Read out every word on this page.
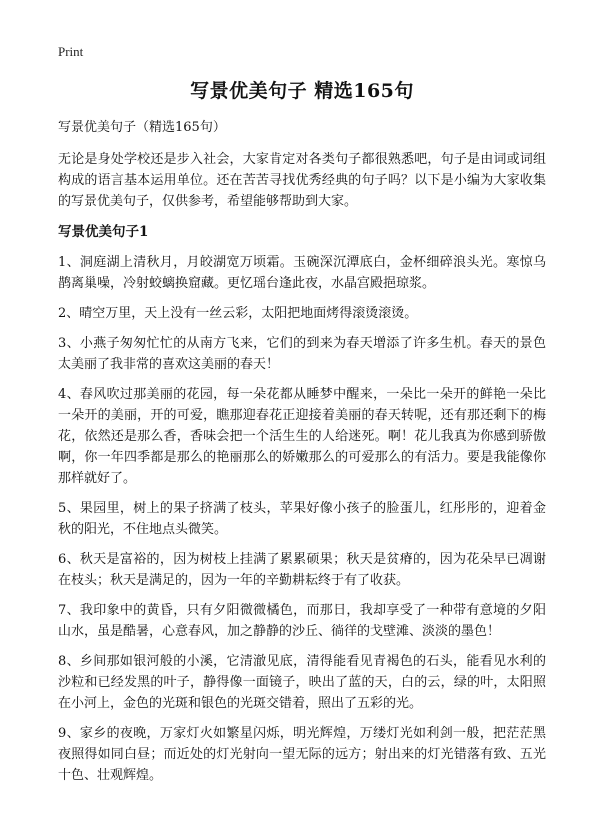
Print
写景优美句子 精选165句

写景优美句子（精选165句）

无论是身处学校还是步入社会，大家肯定对各类句子都很熟悉吧，句子是由词或词组构成的语言基本运用单位。还在苦苦寻找优秀经典的句子吗？以下是小编为大家收集的写景优美句子，仅供参考，希望能够帮助到大家。

写景优美句子1

1、洞庭湖上清秋月，月皎湖宽万顷霜。玉碗深沉潭底白，金杯细碎浪头光。寒惊乌鹊离巢噪，冷射蛟螭换窟藏。更忆瑶台逢此夜，水晶宫殿挹琼浆。

2、晴空万里，天上没有一丝云彩，太阳把地面烤得滚烫滚烫。

3、小燕子匆匆忙忙的从南方飞来，它们的到来为春天增添了许多生机。春天的景色太美丽了我非常的喜欢这美丽的春天！

4、春风吹过那美丽的花园，每一朵花都从睡梦中醒来，一朵比一朵开的鲜艳一朵比一朵开的美丽，开的可爱，瞧那迎春花正迎接着美丽的春天转呢，还有那还剩下的梅花，依然还是那么香，香味会把一个活生生的人给迷死。啊！花儿我真为你感到骄傲啊，你一年四季都是那么的艳丽那么的娇嫩那么的可爱那么的有活力。要是我能像你那样就好了。

5、果园里，树上的果子挤满了枝头，苹果好像小孩子的脸蛋儿，红彤彤的，迎着金秋的阳光，不住地点头微笑。

6、秋天是富裕的，因为树枝上挂满了累累硕果；秋天是贫瘠的，因为花朵早已凋谢在枝头；秋天是满足的，因为一年的辛勤耕耘终于有了收获。

7、我印象中的黄昏，只有夕阳微微橘色，而那日，我却享受了一种带有意境的夕阳山水，虽是酷暑，心意春风，加之静静的沙丘、徜徉的戈壁滩、淡淡的墨色！

8、乡间那如银河般的小溪，它清澈见底，清得能看见青褐色的石头，能看见水利的沙粒和已经发黑的叶子，静得像一面镜子，映出了蓝的天，白的云，绿的叶，太阳照在小河上，金色的光斑和银色的光斑交错着，照出了五彩的光。

9、家乡的夜晚，万家灯火如繁星闪烁，明光辉煌，万缕灯光如利剑一般，把茫茫黑夜照得如同白昼；而近处的灯光射向一望无际的远方；射出来的灯光错落有致、五光十色、壮观辉煌。
